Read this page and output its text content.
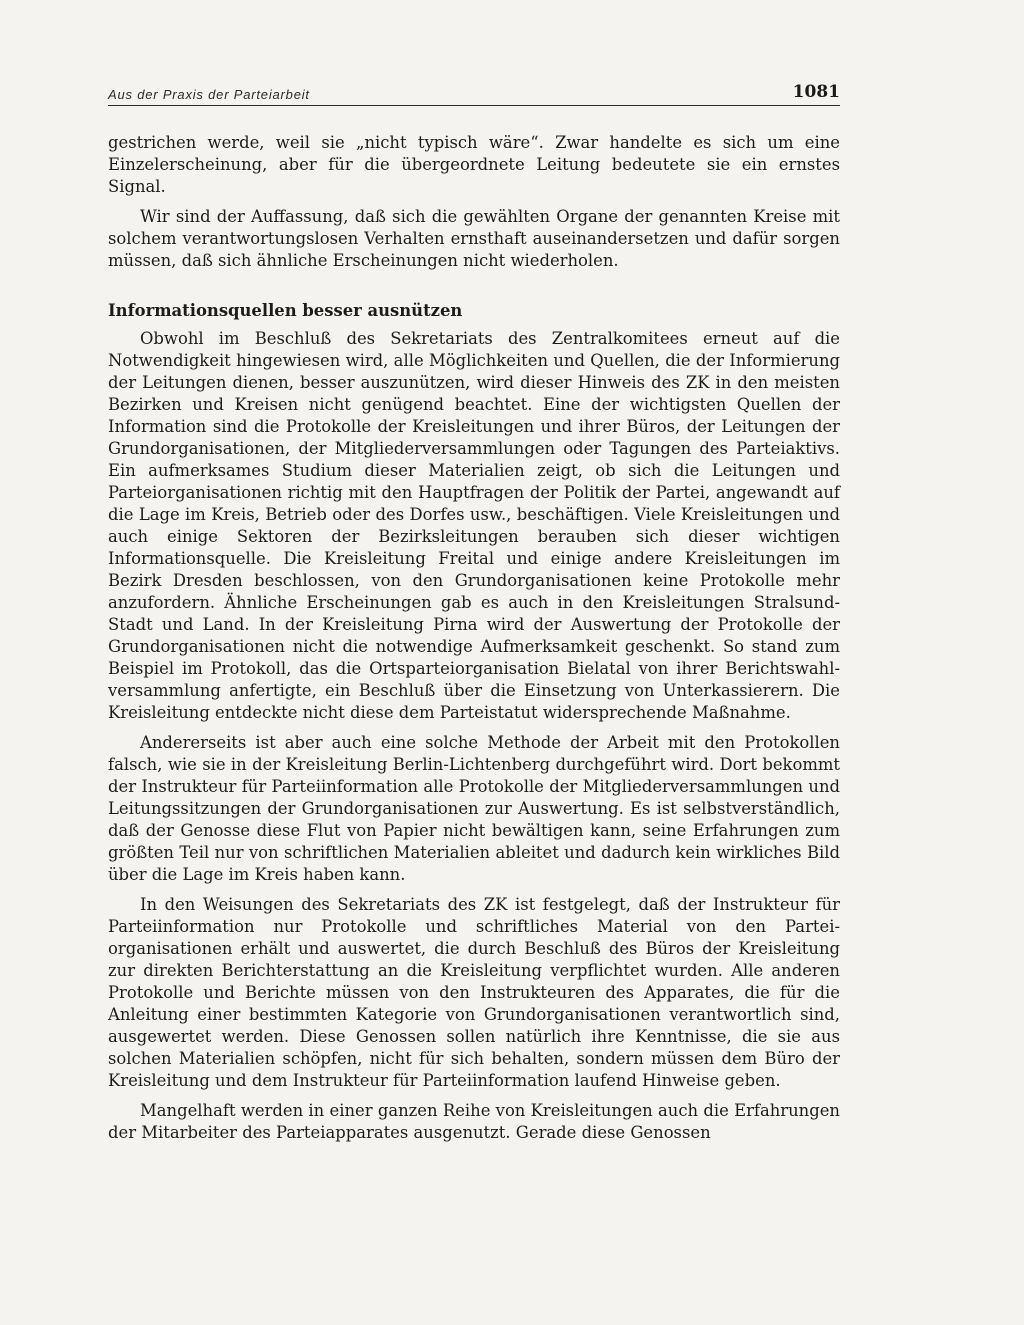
Aus der Praxis der Parteiarbeit	1081

gestrichen werde, weil sie „nicht typisch wäre“. Zwar handelte es sich um eine Einzelerscheinung, aber für die übergeordnete Leitung bedeutete sie ein ernstes Signal.

Wir sind der Auffassung, daß sich die gewählten Organe der genannten Kreise mit solchem verantwortungslosen Verhalten ernsthaft auseinandersetzen und dafür sorgen müssen, daß sich ähnliche Erscheinungen nicht wiederholen.

Informationsquellen besser ausnützen

Obwohl im Beschluß des Sekretariats des Zentralkomitees erneut auf die Notwendigkeit hingewiesen wird, alle Möglichkeiten und Quellen, die der Informierung der Leitungen dienen, besser auszunützen, wird dieser Hinweis des ZK in den meisten Bezirken und Kreisen nicht genügend beachtet. Eine der wichtigsten Quellen der Information sind die Protokolle der Kreisleitungen und ihrer Büros, der Leitungen der Grundorganisationen, der Mitgliederversammlungen oder Tagungen des Parteiaktivs. Ein aufmerksames Studium dieser Materialien zeigt, ob sich die Leitungen und Parteiorganisationen richtig mit den Hauptfragen der Politik der Partei, angewandt auf die Lage im Kreis, Betrieb oder des Dorfes usw., beschäftigen. Viele Kreisleitungen und auch einige Sektoren der Bezirksleitungen berauben sich dieser wichtigen Informationsquelle. Die Kreisleitung Freital und einige andere Kreisleitungen im Bezirk Dresden beschlossen, von den Grundorganisationen keine Protokolle mehr anzufordern. Ähnliche Erscheinungen gab es auch in den Kreisleitungen Stralsund-Stadt und Land. In der Kreisleitung Pirna wird der Auswertung der Protokolle der Grundorganisationen nicht die notwendige Aufmerksamkeit geschenkt. So stand zum Beispiel im Protokoll, das die Ortsparteiorganisation Bielatal von ihrer Berichtswahlversammlung anfertigte, ein Beschluß über die Einsetzung von Unterkassierern. Die Kreisleitung entdeckte nicht diese dem Parteistatut widersprechende Maßnahme.

Andererseits ist aber auch eine solche Methode der Arbeit mit den Protokollen falsch, wie sie in der Kreisleitung Berlin-Lichtenberg durchgeführt wird. Dort bekommt der Instrukteur für Parteiinformation alle Protokolle der Mitgliederversammlungen und Leitungssitzungen der Grundorganisationen zur Auswertung. Es ist selbstverständlich, daß der Genosse diese Flut von Papier nicht bewältigen kann, seine Erfahrungen zum größten Teil nur von schriftlichen Materialien ableitet und dadurch kein wirkliches Bild über die Lage im Kreis haben kann.

In den Weisungen des Sekretariats des ZK ist festgelegt, daß der Instrukteur für Parteiinformation nur Protokolle und schriftliches Material von den Parteiorganisationen erhält und auswertet, die durch Beschluß des Büros der Kreisleitung zur direkten Berichterstattung an die Kreisleitung verpflichtet wurden. Alle anderen Protokolle und Berichte müssen von den Instrukteuren des Apparates, die für die Anleitung einer bestimmten Kategorie von Grundorganisationen verantwortlich sind, ausgewertet werden. Diese Genossen sollen natürlich ihre Kenntnisse, die sie aus solchen Materialien schöpfen, nicht für sich behalten, sondern müssen dem Büro der Kreisleitung und dem Instrukteur für Parteiinformation laufend Hinweise geben.

Mangelhaft werden in einer ganzen Reihe von Kreisleitungen auch die Erfahrungen der Mitarbeiter des Parteiapparates ausgenutzt. Gerade diese Genossen
